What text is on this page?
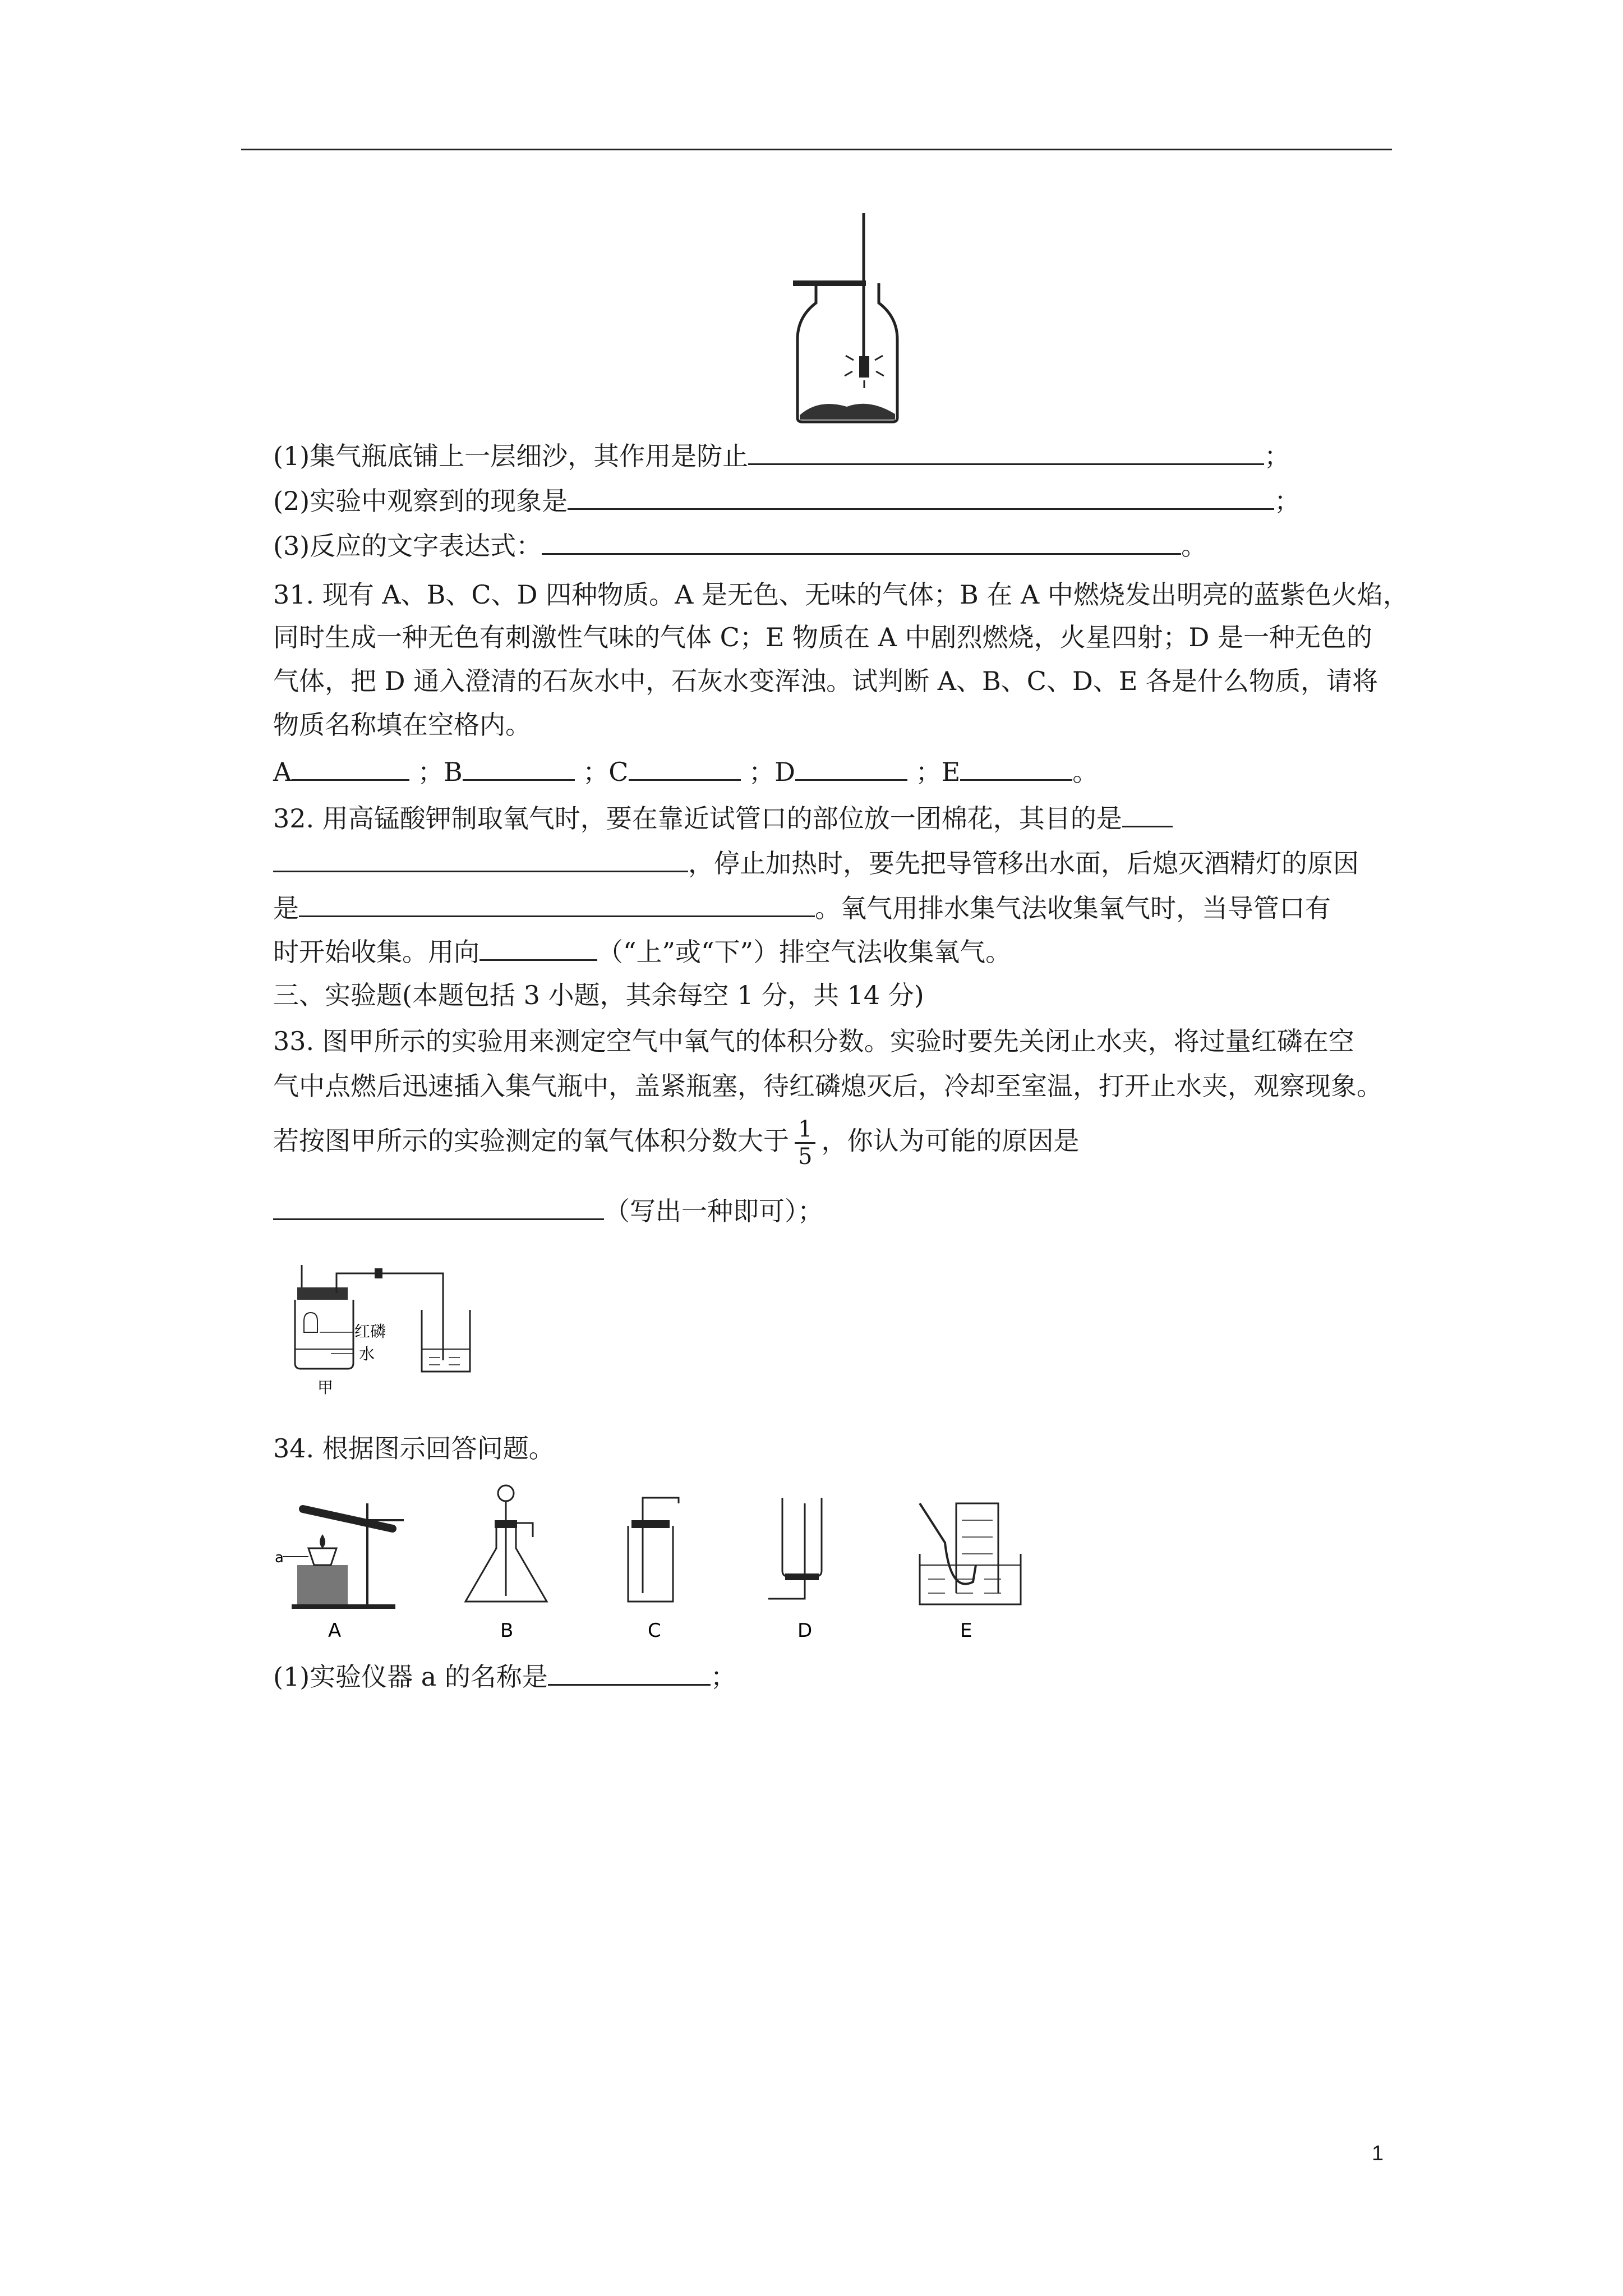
(1)集气瓶底铺上一层细沙，其作用是防止	；
(2)实验中观察到的现象是	；
(3)反应的文字表达式：	。
31. 现有 A、B、C、D 四种物质。A 是无色、无味的气体；B 在 A 中燃烧发出明亮的蓝紫色火焰，
同时生成一种无色有刺激性气味的气体 C；E 物质在 A 中剧烈燃烧，火星四射；D 是一种无色的
气体，把 D 通入澄清的石灰水中，石灰水变浑浊。试判断 A、B、C、D、E 各是什么物质，请将
物质名称填在空格内。
A	；B	；C	；D	；E	。
32. 用高锰酸钾制取氧气时，要在靠近试管口的部位放一团棉花，其目的是
，停止加热时，要先把导管移出水面，后熄灭酒精灯的原因
是	。氧气用排水集气法收集氧气时，当导管口有
时开始收集。用向	（“上”或“下”）排空气法收集氧气。
三、实验题(本题包括 3 小题，其余每空 1 分，共 14 分)
33. 图甲所示的实验用来测定空气中氧气的体积分数。实验时要先关闭止水夹，将过量红磷在空
气中点燃后迅速插入集气瓶中，盖紧瓶塞，待红磷熄灭后，冷却至室温，打开止水夹，观察现象。
若按图甲所示的实验测定的氧气体积分数大于 $\frac{1}{5}$ ，你认为可能的原因是
（写出一种即可）；
红磷
水
甲
34. 根据图示回答问题。
a
A	B	C	D	E
(1)实验仪器 a 的名称是	；
1
